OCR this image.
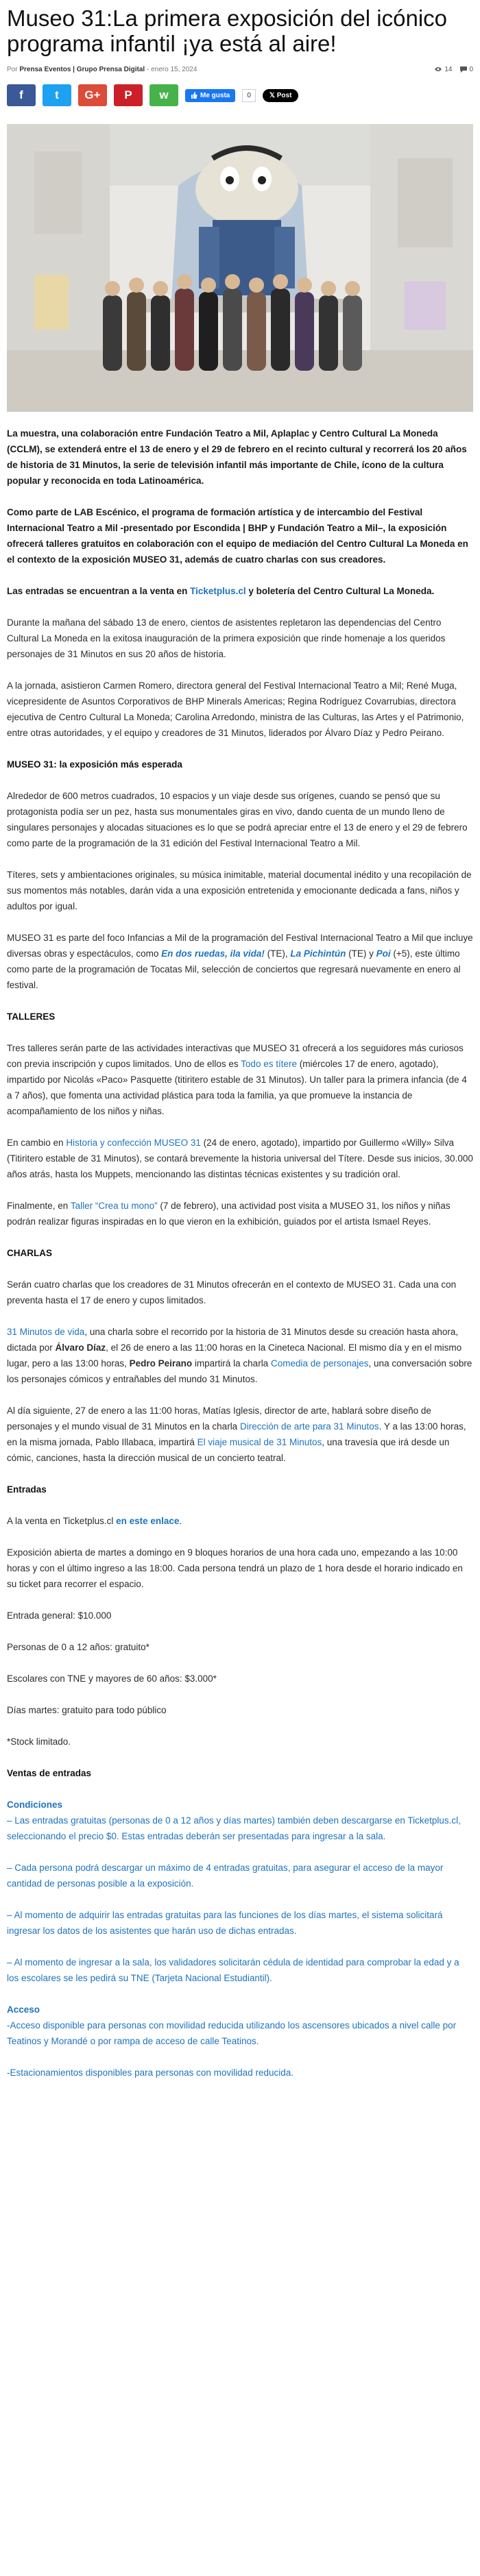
Museo 31:La primera exposición del icónico programa infantil ¡ya está al aire!
Por Prensa Eventos | Grupo Prensa Digital - enero 15, 2024	14	0
f	t	G+	P	w	Me gusta	0	𝕏 Post

La muestra, una colaboración entre Fundación Teatro a Mil, Aplaplac y Centro Cultural La Moneda (CCLM), se extenderá entre el 13 de enero y el 29 de febrero en el recinto cultural y recorrerá los 20 años de historia de 31 Minutos, la serie de televisión infantil más importante de Chile, ícono de la cultura popular y reconocida en toda Latinoamérica.

Como parte de LAB Escénico, el programa de formación artística y de intercambio del Festival Internacional Teatro a Mil -presentado por Escondida | BHP y Fundación Teatro a Mil–, la exposición ofrecerá talleres gratuitos en colaboración con el equipo de mediación del Centro Cultural La Moneda en el contexto de la exposición MUSEO 31, además de cuatro charlas con sus creadores.

Las entradas se encuentran a la venta en Ticketplus.cl y boletería del Centro Cultural La Moneda.

Durante la mañana del sábado 13 de enero, cientos de asistentes repletaron las dependencias del Centro Cultural La Moneda en la exitosa inauguración de la primera exposición que rinde homenaje a los queridos personajes de 31 Minutos en sus 20 años de historia.

A la jornada, asistieron Carmen Romero, directora general del Festival Internacional Teatro a Mil; René Muga, vicepresidente de Asuntos Corporativos de BHP Minerals Americas; Regina Rodríguez Covarrubias, directora ejecutiva de Centro Cultural La Moneda; Carolina Arredondo, ministra de las Culturas, las Artes y el Patrimonio, entre otras autoridades, y el equipo y creadores de 31 Minutos, liderados por Álvaro Díaz y Pedro Peirano.

MUSEO 31: la exposición más esperada

Alrededor de 600 metros cuadrados, 10 espacios y un viaje desde sus orígenes, cuando se pensó que su protagonista podía ser un pez, hasta sus monumentales giras en vivo, dando cuenta de un mundo lleno de singulares personajes y alocadas situaciones es lo que se podrá apreciar entre el 13 de enero y el 29 de febrero como parte de la programación de la 31 edición del Festival Internacional Teatro a Mil.

Títeres, sets y ambientaciones originales, su música inimitable, material documental inédito y una recopilación de sus momentos más notables, darán vida a una exposición entretenida y emocionante dedicada a fans, niños y adultos por igual.

MUSEO 31 es parte del foco Infancias a Mil de la programación del Festival Internacional Teatro a Mil que incluye diversas obras y espectáculos, como En dos ruedas, ila vida! (TE), La Pichintún (TE) y Poi (+5), este último como parte de la programación de Tocatas Mil, selección de conciertos que regresará nuevamente en enero al festival.

TALLERES

Tres talleres serán parte de las actividades interactivas que MUSEO 31 ofrecerá a los seguidores más curiosos con previa inscripción y cupos limitados. Uno de ellos es Todo es títere (miércoles 17 de enero, agotado), impartido por Nicolás «Paco» Pasquette (titiritero estable de 31 Minutos). Un taller para la primera infancia (de 4 a 7 años), que fomenta una actividad plástica para toda la familia, ya que promueve la instancia de acompañamiento de los niños y niñas.

En cambio en Historia y confección MUSEO 31 (24 de enero, agotado), impartido por Guillermo «Willy» Silva (Titiritero estable de 31 Minutos), se contará brevemente la historia universal del Títere. Desde sus inicios, 30.000 años atrás, hasta los Muppets, mencionando las distintas técnicas existentes y su tradición oral.

Finalmente, en Taller “Crea tu mono” (7 de febrero), una actividad post visita a MUSEO 31, los niños y niñas podrán realizar figuras inspiradas en lo que vieron en la exhibición, guiados por el artista Ismael Reyes.

CHARLAS

Serán cuatro charlas que los creadores de 31 Minutos ofrecerán en el contexto de MUSEO 31. Cada una con preventa hasta el 17 de enero y cupos limitados.

31 Minutos de vida, una charla sobre el recorrido por la historia de 31 Minutos desde su creación hasta ahora, dictada por Álvaro Díaz, el 26 de enero a las 11:00 horas en la Cineteca Nacional. El mismo día y en el mismo lugar, pero a las 13:00 horas, Pedro Peirano impartirá la charla Comedia de personajes, una conversación sobre los personajes cómicos y entrañables del mundo 31 Minutos.

Al día siguiente, 27 de enero a las 11:00 horas, Matías Iglesis, director de arte, hablará sobre diseño de personajes y el mundo visual de 31 Minutos en la charla Dirección de arte para 31 Minutos. Y a las 13:00 horas, en la misma jornada, Pablo Illabaca, impartirá El viaje musical de 31 Minutos, una travesía que irá desde un cómic, canciones, hasta la dirección musical de un concierto teatral.

Entradas

A la venta en Ticketplus.cl en este enlace.

Exposición abierta de martes a domingo en 9 bloques horarios de una hora cada uno, empezando a las 10:00 horas y con el último ingreso a las 18:00. Cada persona tendrá un plazo de 1 hora desde el horario indicado en su ticket para recorrer el espacio.

Entrada general: $10.000

Personas de 0 a 12 años: gratuito*

Escolares con TNE y mayores de 60 años: $3.000*

Días martes: gratuito para todo público

*Stock limitado.

Ventas de entradas

Condiciones
– Las entradas gratuitas (personas de 0 a 12 años y días martes) también deben descargarse en Ticketplus.cl, seleccionando el precio $0. Estas entradas deberán ser presentadas para ingresar a la sala.

– Cada persona podrá descargar un máximo de 4 entradas gratuitas, para asegurar el acceso de la mayor cantidad de personas posible a la exposición.

– Al momento de adquirir las entradas gratuitas para las funciones de los días martes, el sistema solicitará ingresar los datos de los asistentes que harán uso de dichas entradas.

– Al momento de ingresar a la sala, los validadores solicitarán cédula de identidad para comprobar la edad y a los escolares se les pedirá su TNE (Tarjeta Nacional Estudiantil).

Acceso
-Acceso disponible para personas con movilidad reducida utilizando los ascensores ubicados a nivel calle por Teatinos y Morandé o por rampa de acceso de calle Teatinos.

-Estacionamientos disponibles para personas con movilidad reducida.
